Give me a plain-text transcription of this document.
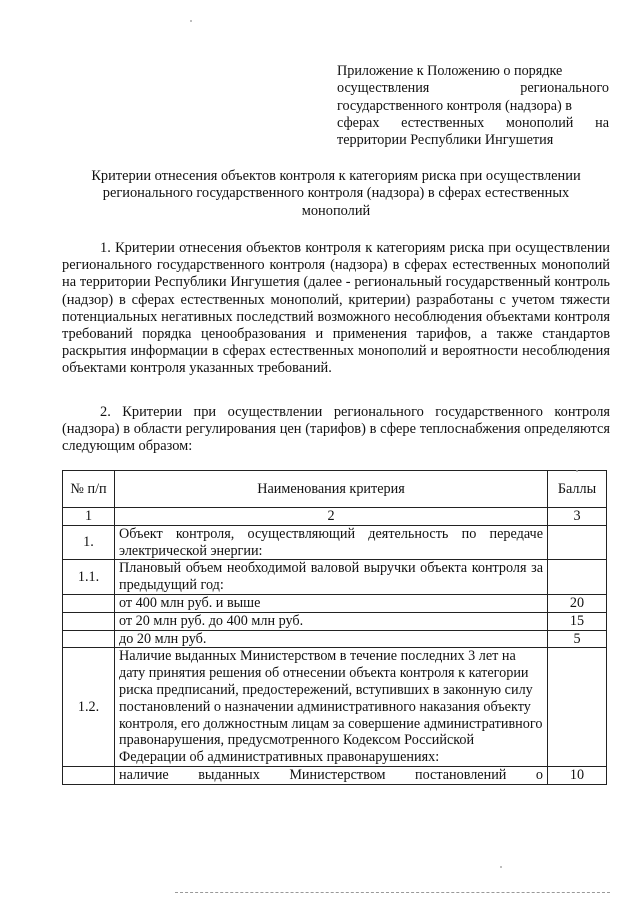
Приложение к Положению о порядке
осуществления регионального
государственного контроля (надзора) в
сферах естественных монополий на
территории Республики Ингушетия
Критерии отнесения объектов контроля к категориям риска при осуществлении
регионального государственного контроля (надзора) в сферах естественных
монополий
1. Критерии отнесения объектов контроля к категориям риска при осуществлении регионального государственного контроля (надзора) в сферах естественных монополий на территории Республики Ингушетия (далее - региональный государственный контроль (надзор) в сферах естественных монополий, критерии) разработаны с учетом тяжести потенциальных негативных последствий возможного несоблюдения объектами контроля требований порядка ценообразования и применения тарифов, а также стандартов раскрытия информации в сферах естественных монополий и вероятности несоблюдения объектами контроля указанных требований.
2. Критерии при осуществлении регионального государственного контроля (надзора) в области регулирования цен (тарифов) в сфере теплоснабжения определяются следующим образом:
№ п/п	Наименования критерия	Баллы
1	2	3
1.	Объект контроля, осуществляющий деятельность по передаче электрической энергии:	
1.1.	Плановый объем необходимой валовой выручки объекта контроля за предыдущий год:	
	от 400 млн руб. и выше	20
	от 20 млн руб. до 400 млн руб.	15
	до 20 млн руб.	5
1.2.	Наличие выданных Министерством в течение последних 3 лет на дату принятия решения об отнесении объекта контроля к категории риска предписаний, предостережений, вступивших в законную силу постановлений о назначении административного наказания объекту контроля, его должностным лицам за совершение административного правонарушения, предусмотренного Кодексом Российской Федерации об административных правонарушениях:	
	наличие выданных Министерством постановлений о	10
